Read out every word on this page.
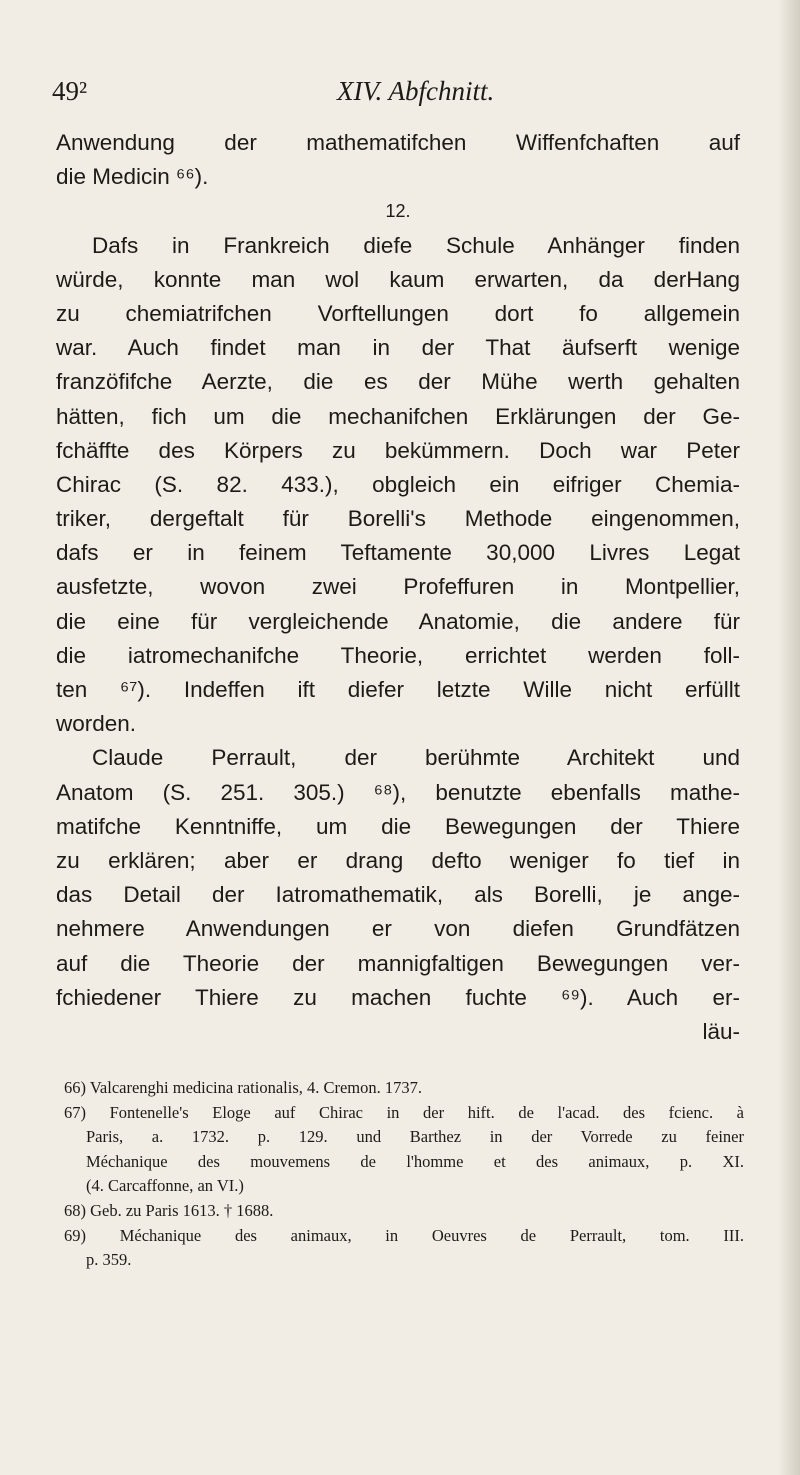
49²	XIV. Abfchnitt.
Anwendung der mathematifchen Wiffenfchaften auf
die Medicin ⁶⁶).
12.
Dafs in Frankreich diefe Schule Anhänger finden
würde, konnte man wol kaum erwarten, da derHang
zu chemiatrifchen Vorftellungen dort fo allgemein
war. Auch findet man in der That äufserft wenige
franzöfifche Aerzte, die es der Mühe werth gehalten
hätten, fich um die mechanifchen Erklärungen der Ge-
fchäffte des Kö​rpers zu bekümmern. Doch war Peter
Chirac (S. 82. 433.), obgleich ein eifriger Chemia-
triker, dergeftalt für Borelli's Methode eingenommen,
dafs er in feinem Teftamente 30,000 Livres Legat
ausfetzte, wovon zwei Profeffuren in Montpellier,
die eine für vergleichende Anatomie, die andere für
die iatromechanifche Theorie, errichtet werden foll-
ten ⁶⁷). Indeffen ift diefer letzte Wille nicht erfüllt
worden.
Claude Perrault, der berühmte Architekt und
Anatom (S. 251. 305.) ⁶⁸), benutzte ebenfalls mathe-
matifche Kenntniffe, um die Bewegungen der Thiere
zu erklären; aber er drang defto weniger fo tief in
das Detail der Iatromathematik, als Borelli, je ange-
nehmere Anwendungen er von diefen Grundfätzen
auf die Theorie der mannigfaltigen Bewegungen ver-
fchiedener Thiere zu machen fuchte ⁶⁹). Auch er-
läu-
66) Valcarenghi medicina rationalis, 4. Cremon. 1737.
67) Fontenelle's Eloge auf Chirac in der hift. de l'acad. des fcienc. à
Paris, a. 1732. p. 129. und Barthez in der Vorrede zu feiner
Méchanique des mouvemens de l'homme et des animaux, p. XI.
(4. Carcaffonne, an VI.)
68) Geb. zu Paris 1613. † 1688.
69) Méchanique des animaux, in Oeuvres de Perrault, tom. III.
p. 359.
